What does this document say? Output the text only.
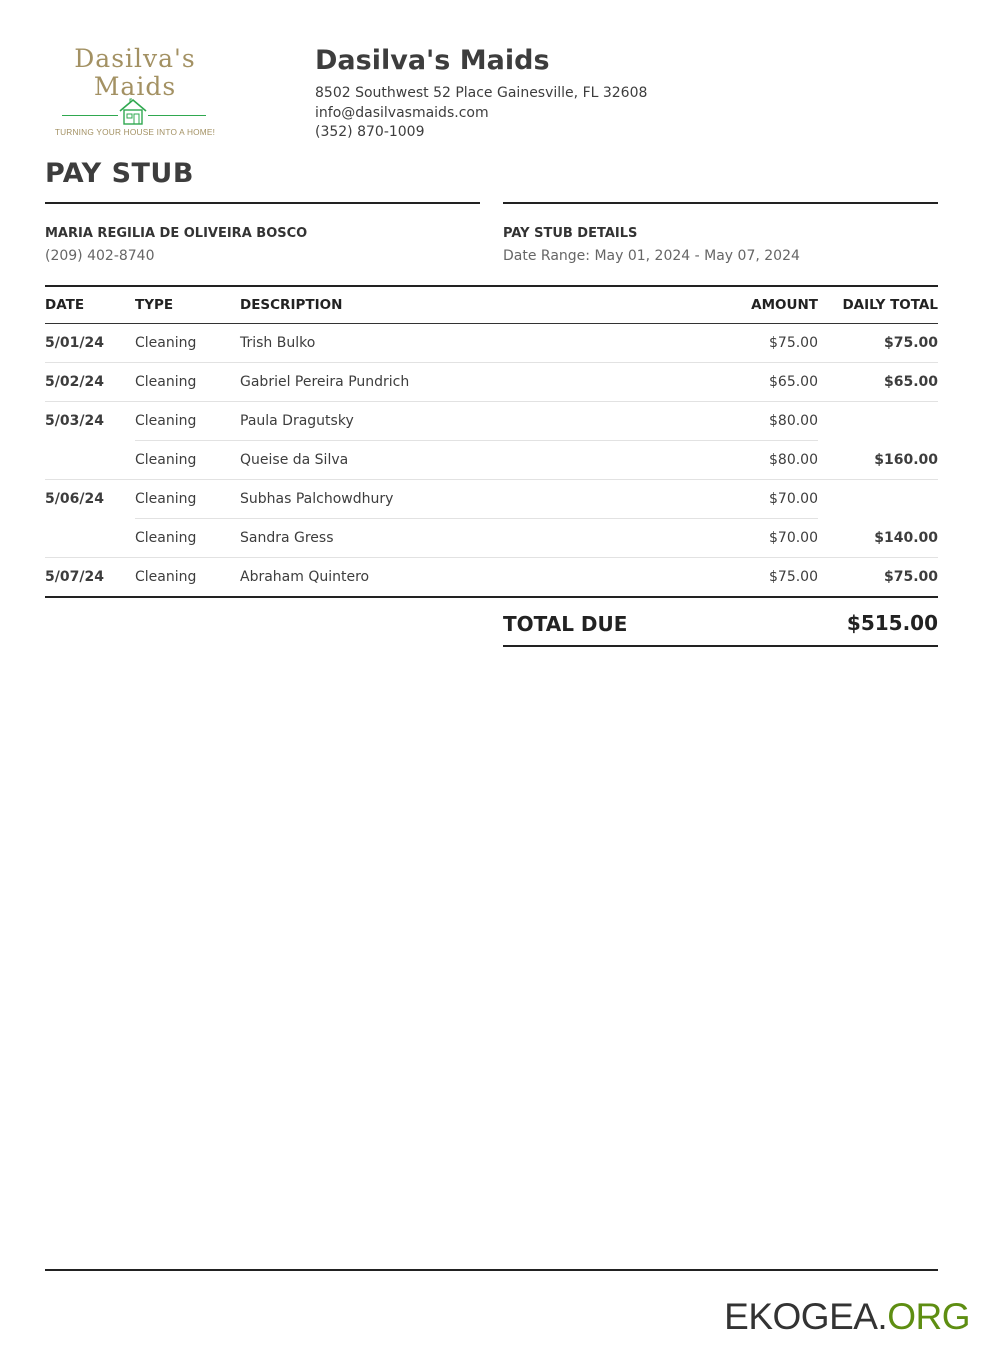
Dasilva's
Maids
TURNING YOUR HOUSE INTO A HOME!
Dasilva's Maids
8502 Southwest 52 Place Gainesville, FL 32608
info@dasilvasmaids.com
(352) 870-1009
PAY STUB
MARIA REGILIA DE OLIVEIRA BOSCO
(209) 402-8740
PAY STUB DETAILS
Date Range: May 01, 2024 - May 07, 2024
DATE	TYPE	DESCRIPTION	AMOUNT	DAILY TOTAL
5/01/24	Cleaning	Trish Bulko	$75.00	$75.00
5/02/24	Cleaning	Gabriel Pereira Pundrich	$65.00	$65.00
5/03/24	Cleaning	Paula Dragutsky	$80.00	
	Cleaning	Queise da Silva	$80.00	$160.00
5/06/24	Cleaning	Subhas Palchowdhury	$70.00	
	Cleaning	Sandra Gress	$70.00	$140.00
5/07/24	Cleaning	Abraham Quintero	$75.00	$75.00
TOTAL DUE	$515.00
EKOGEA.ORG
